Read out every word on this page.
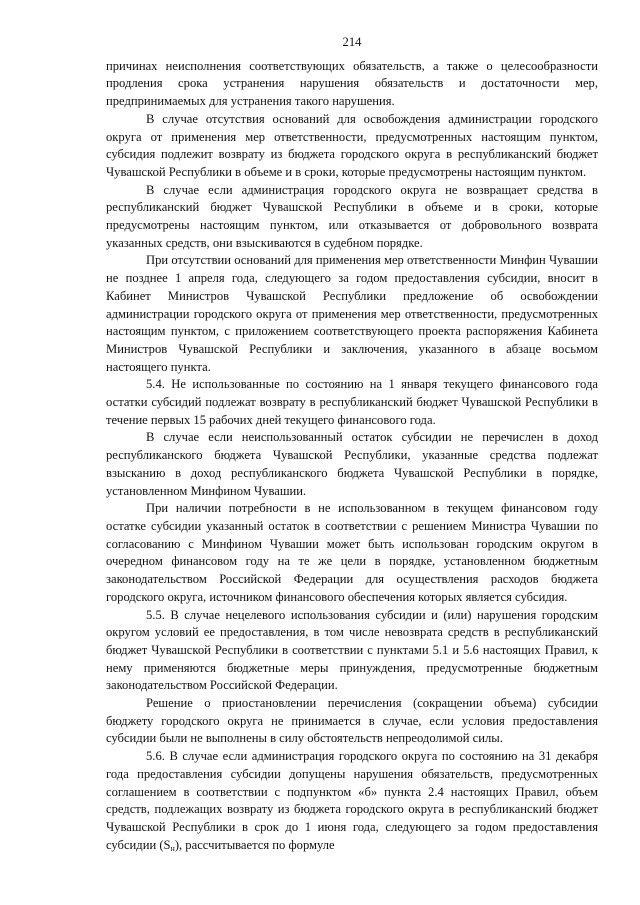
214

причинах неисполнения соответствующих обязательств, а также о целесообразности продления срока устранения нарушения обязательств и достаточности мер, предпринимаемых для устранения такого нарушения.

В случае отсутствия оснований для освобождения администрации городского округа от применения мер ответственности, предусмотренных настоящим пунктом, субсидия подлежит возврату из бюджета городского округа в республиканский бюджет Чувашской Республики в объеме и в сроки, которые предусмотрены настоящим пунктом.

В случае если администрация городского округа не возвращает средства в республиканский бюджет Чувашской Республики в объеме и в сроки, которые предусмотрены настоящим пунктом, или отказывается от добровольного возврата указанных средств, они взыскиваются в судебном порядке.

При отсутствии оснований для применения мер ответственности Минфин Чувашии не позднее 1 апреля года, следующего за годом предоставления субсидии, вносит в Кабинет Министров Чувашской Республики предложение об освобождении администрации городского округа от применения мер ответственности, предусмотренных настоящим пунктом, с приложением соответствующего проекта распоряжения Кабинета Министров Чувашской Республики и заключения, указанного в абзаце восьмом настоящего пункта.

5.4. Не использованные по состоянию на 1 января текущего финансового года остатки субсидий подлежат возврату в республиканский бюджет Чувашской Республики в течение первых 15 рабочих дней текущего финансового года.

В случае если неиспользованный остаток субсидии не перечислен в доход республиканского бюджета Чувашской Республики, указанные средства подлежат взысканию в доход республиканского бюджета Чувашской Республики в порядке, установленном Минфином Чувашии.

При наличии потребности в не использованном в текущем финансовом году остатке субсидии указанный остаток в соответствии с решением Министра Чувашии по согласованию с Минфином Чувашии может быть использован городским округом в очередном финансовом году на те же цели в порядке, установленном бюджетным законодательством Российской Федерации для осуществления расходов бюджета городского округа, источником финансового обеспечения которых является субсидия.

5.5. В случае нецелевого использования субсидии и (или) нарушения городским округом условий ее предоставления, в том числе невозврата средств в республиканский бюджет Чувашской Республики в соответствии с пунктами 5.1 и 5.6 настоящих Правил, к нему применяются бюджетные меры принуждения, предусмотренные бюджетным законодательством Российской Федерации.

Решение о приостановлении перечисления (сокращении объема) субсидии бюджету городского округа не принимается в случае, если условия предоставления субсидии были не выполнены в силу обстоятельств непреодолимой силы.

5.6. В случае если администрация городского округа по состоянию на 31 декабря года предоставления субсидии допущены нарушения обязательств, предусмотренных соглашением в соответствии с подпунктом «б» пункта 2.4 настоящих Правил, объем средств, подлежащих возврату из бюджета городского округа в республиканский бюджет Чувашской Республики в срок до 1 июня года, следующего за годом предоставления субсидии $(S_н)$, рассчитывается по формуле
